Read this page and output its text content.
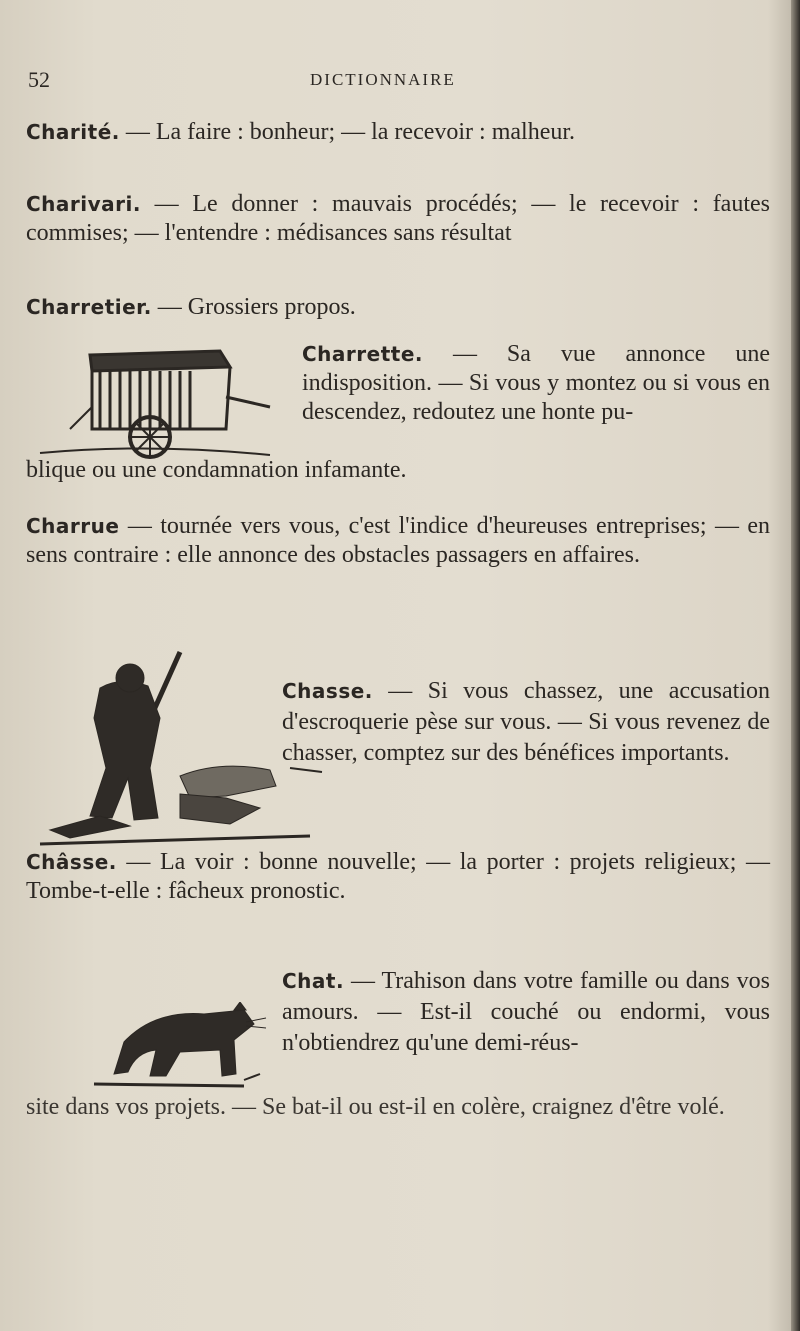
52	DICTIONNAIRE

Charité. — La faire : bonheur; — la recevoir : malheur.

Charivari. — Le donner : mauvais procédés; — le recevoir : fautes commises; — l'entendre : médisances sans résultat

Charretier. — Grossiers propos.

Charrette. — Sa vue annonce une indisposition. — Si vous y montez ou si vous en descendez, redoutez une honte pu-

blique ou une condamnation infamante.

Charrue — tournée vers vous, c'est l'indice d'heureuses entreprises; — en sens contraire : elle annonce des obstacles passagers en affaires.

Chasse. — Si vous chassez, une accusation d'escroquerie pèse sur vous. — Si vous revenez de chasser, comptez sur des bénéfices importants.

Châsse. — La voir : bonne nouvelle; — la porter : projets religieux; — Tombe-t-elle : fâcheux pronostic.

Chat. — Trahison dans votre famille ou dans vos amours. — Est-il couché ou endormi, vous n'obtiendrez qu'une demi-réus-

site dans vos projets. — Se bat-il ou est-il en colère, craignez d'être volé.
